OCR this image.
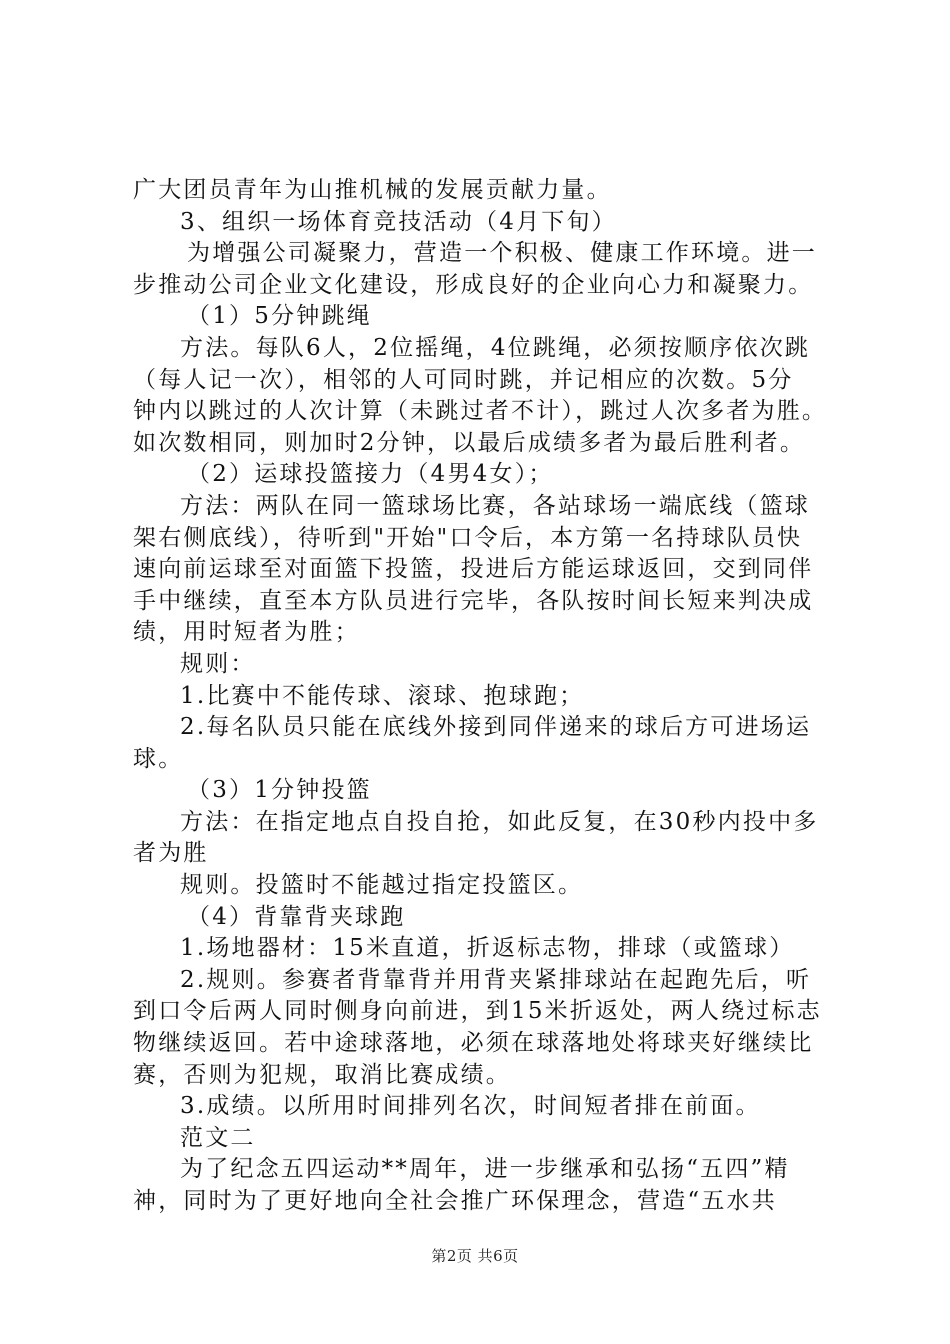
广大团员青年为山推机械的发展贡献力量。
3、组织一场体育竞技活动（4月下旬）
为增强公司凝聚力，营造一个积极、健康工作环境。进一
步推动公司企业文化建设，形成良好的企业向心力和凝聚力。
（1）5分钟跳绳
方法。每队6人，2位摇绳，4位跳绳，必须按顺序依次跳
（每人记一次），相邻的人可同时跳，并记相应的次数。5分
钟内以跳过的人次计算（未跳过者不计），跳过人次多者为胜。
如次数相同，则加时2分钟，以最后成绩多者为最后胜利者。
（2）运球投篮接力（4男4女）；
方法：两队在同一篮球场比赛，各站球场一端底线（篮球
架右侧底线），待听到"开始"口令后，本方第一名持球队员快
速向前运球至对面篮下投篮，投进后方能运球返回，交到同伴
手中继续，直至本方队员进行完毕，各队按时间长短来判决成
绩，用时短者为胜；
规则：
1.比赛中不能传球、滚球、抱球跑；
2.每名队员只能在底线外接到同伴递来的球后方可进场运
球。
（3）1分钟投篮
方法：在指定地点自投自抢，如此反复，在30秒内投中多
者为胜
规则。投篮时不能越过指定投篮区。
（4）背靠背夹球跑
1.场地器材：15米直道，折返标志物，排球（或篮球）
2.规则。参赛者背靠背并用背夹紧排球站在起跑先后，听
到口令后两人同时侧身向前进，到15米折返处，两人绕过标志
物继续返回。若中途球落地，必须在球落地处将球夹好继续比
赛，否则为犯规，取消比赛成绩。
3.成绩。以所用时间排列名次，时间短者排在前面。
范文二
为了纪念五四运动**周年，进一步继承和弘扬“五四”精
神，同时为了更好地向全社会推广环保理念，营造“五水共
第2页 共6页
